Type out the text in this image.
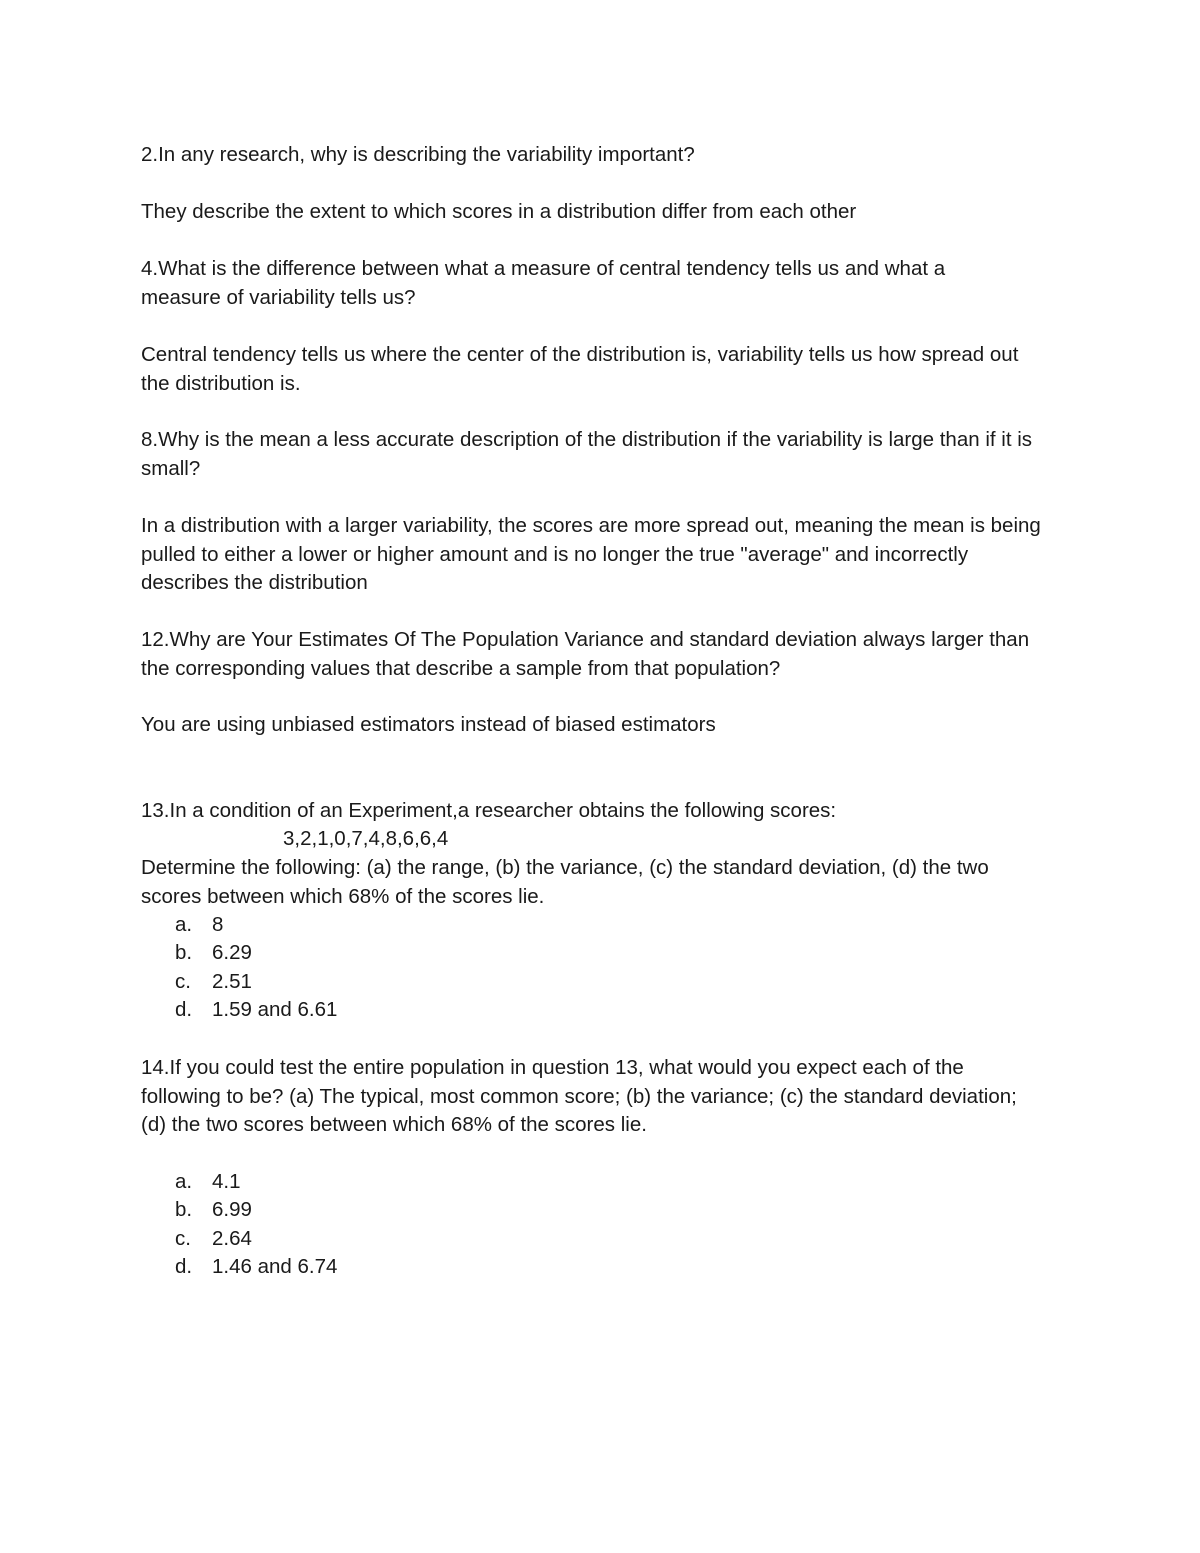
2.In any research, why is describing the variability important?
They describe the extent to which scores in a distribution differ from each other
4.What is the difference between what a measure of central tendency tells us and what a measure of variability tells us?
Central tendency tells us where the center of the distribution is, variability tells us how spread out the distribution is.
8.Why is the mean a less accurate description of the distribution if the variability is large than if it is small?
In a distribution with a larger variability, the scores are more spread out, meaning the mean is being pulled to either a lower or higher amount and is no longer the true "average" and incorrectly describes the distribution
12.Why are Your Estimates Of The Population Variance and standard deviation always larger than the corresponding values that describe a sample from that population?
You are using unbiased estimators instead of biased estimators
13.In a condition of an Experiment,a researcher obtains the following scores:
3,2,1,0,7,4,8,6,6,4
Determine the following: (a) the range, (b) the variance, (c) the standard deviation, (d) the two scores between which 68% of the scores lie.
a. 8
b. 6.29
c.	2.51
d. 1.59 and 6.61
14.If you could test the entire population in question 13, what would you expect each of the following to be? (a) The typical, most common score; (b) the variance; (c) the standard deviation; (d) the two scores between which 68% of the scores lie.
a. 4.1
b. 6.99
c.	2.64
d. 1.46 and 6.74
